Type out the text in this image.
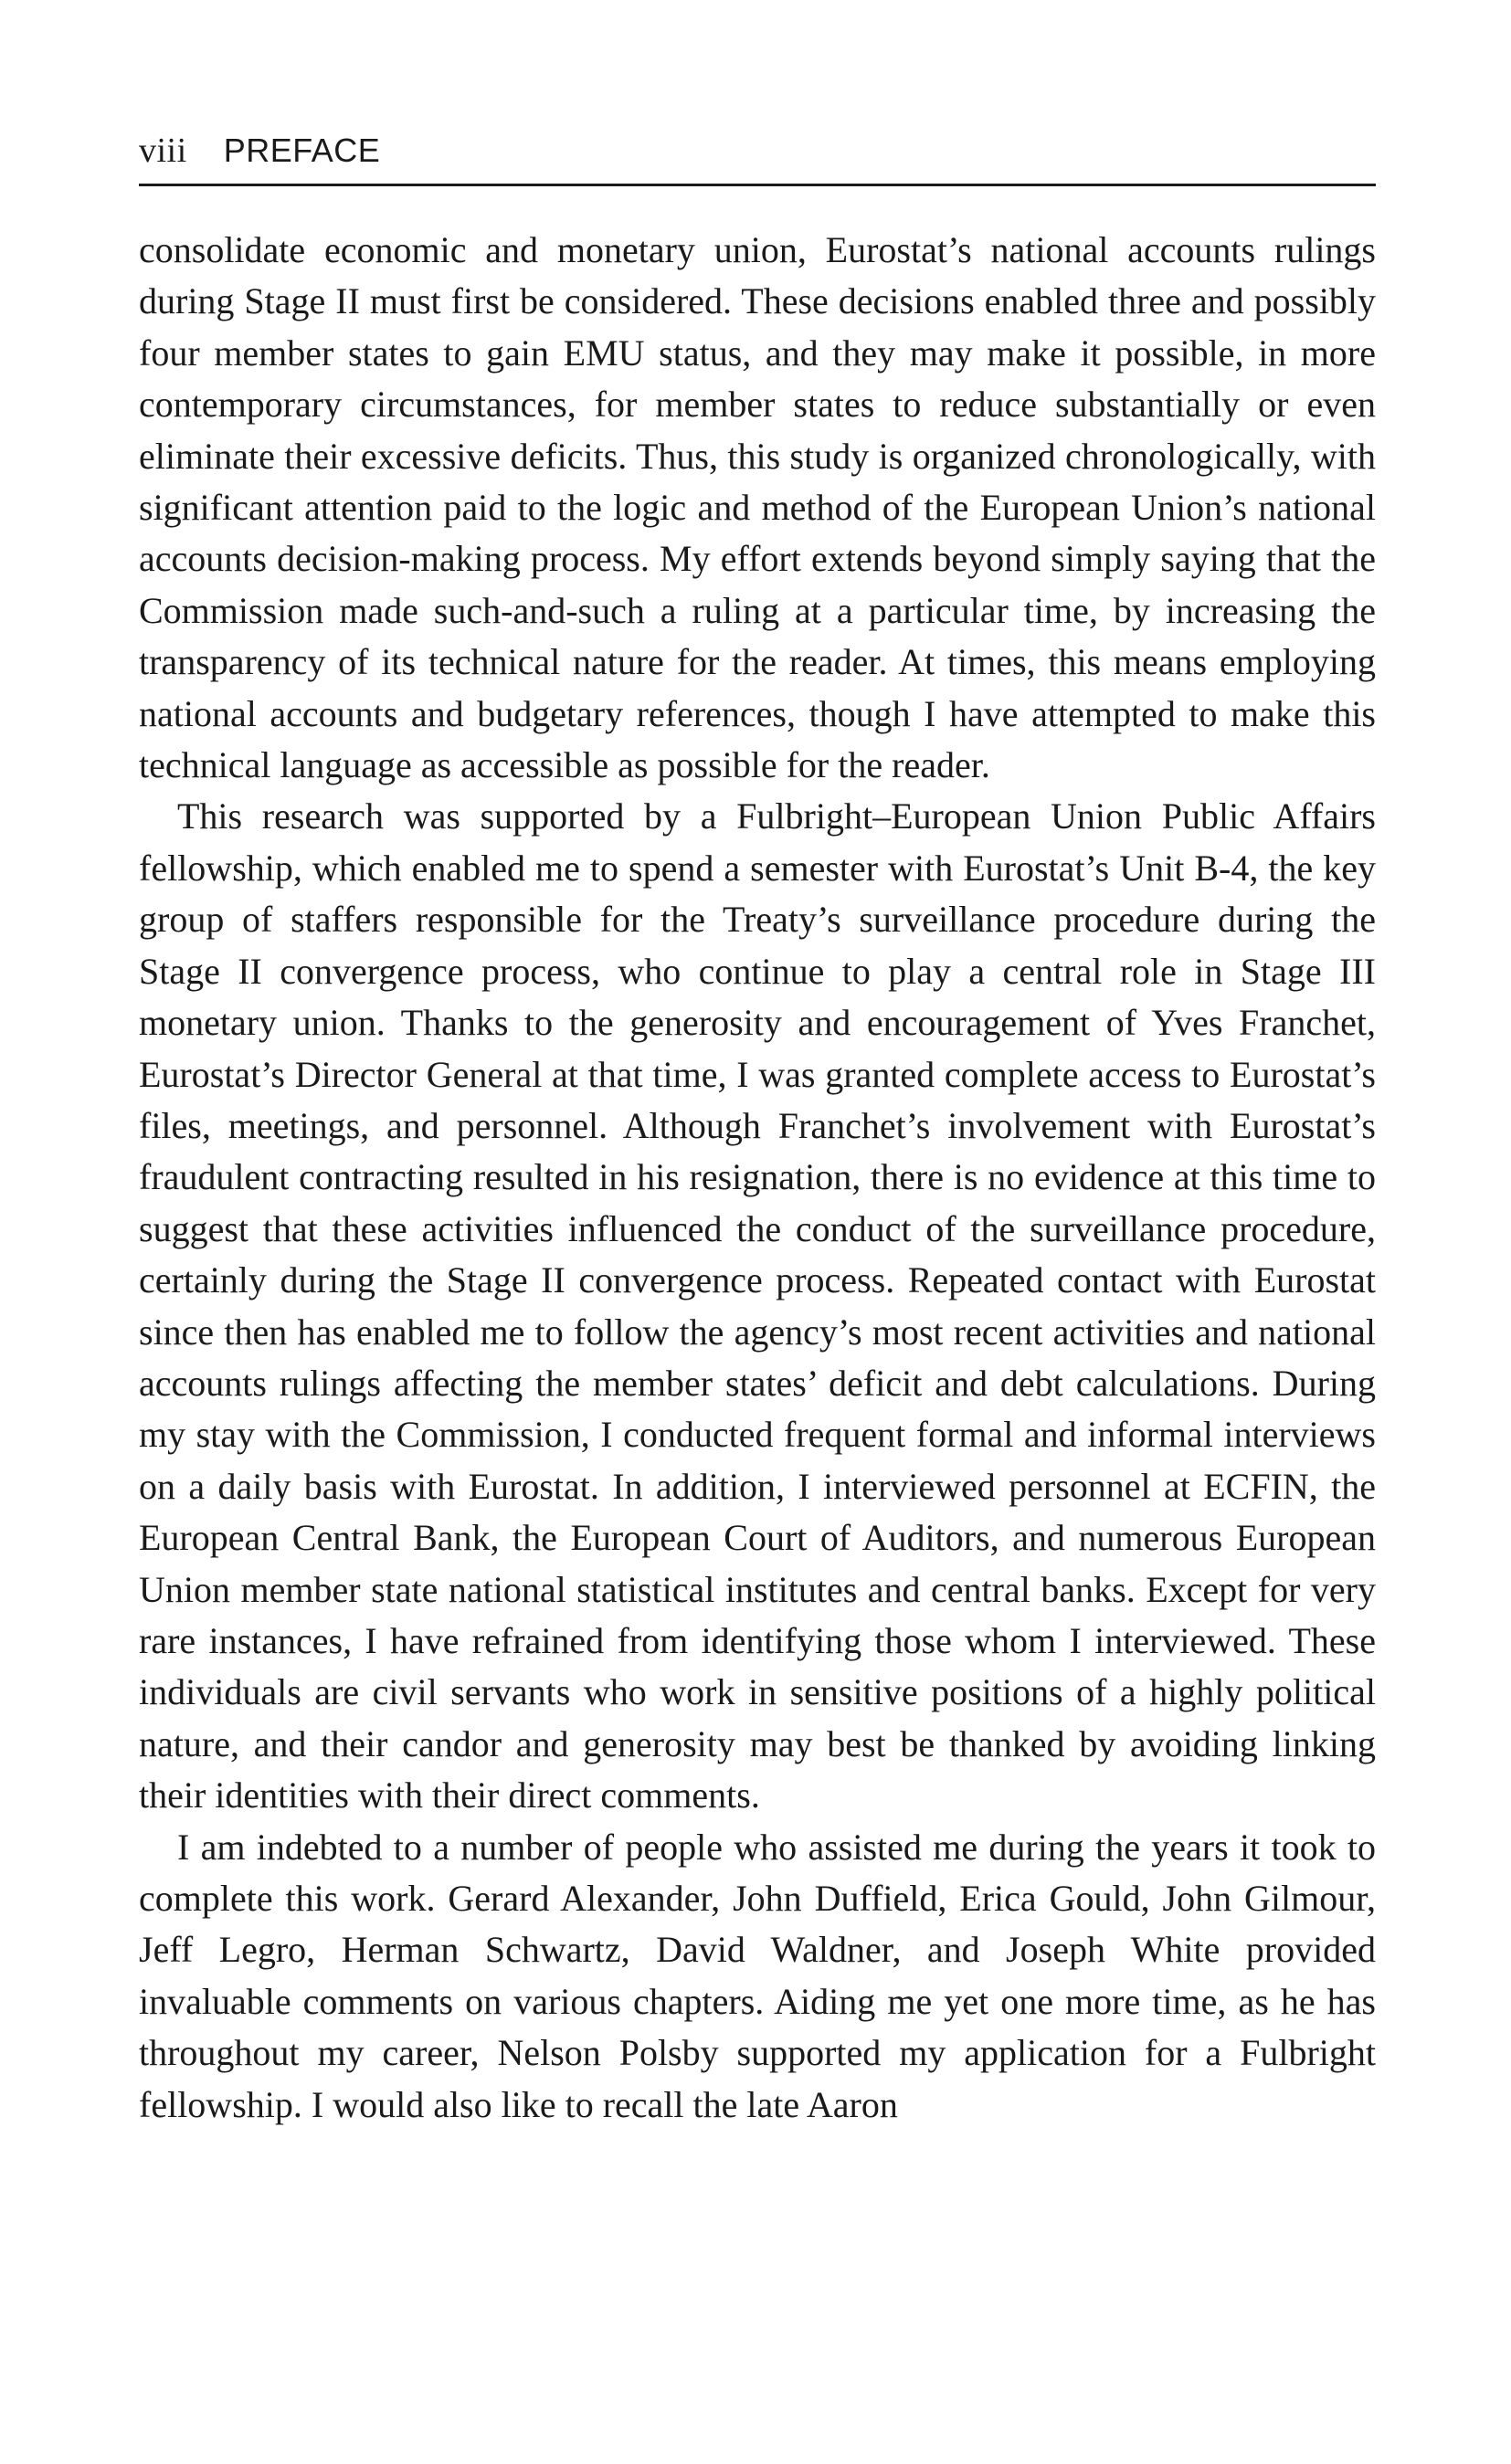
viii PREFACE

consolidate economic and monetary union, Eurostat’s national accounts rulings during Stage II must first be considered. These decisions enabled three and possibly four member states to gain EMU status, and they may make it possible, in more contemporary circumstances, for member states to reduce substantially or even eliminate their excessive deficits. Thus, this study is organized chronologically, with significant attention paid to the logic and method of the European Union’s national accounts decision-making process. My effort extends beyond simply saying that the Commission made such-and-such a ruling at a particular time, by increasing the transparency of its technical nature for the reader. At times, this means employing national accounts and budgetary references, though I have attempted to make this technical language as accessible as possible for the reader.

This research was supported by a Fulbright–European Union Public Affairs fellowship, which enabled me to spend a semester with Eurostat’s Unit B-4, the key group of staffers responsible for the Treaty’s surveillance procedure during the Stage II convergence process, who continue to play a central role in Stage III monetary union. Thanks to the generosity and encouragement of Yves Franchet, Eurostat’s Director General at that time, I was granted complete access to Eurostat’s files, meetings, and personnel. Although Franchet’s involvement with Eurostat’s fraudulent contracting resulted in his resignation, there is no evidence at this time to suggest that these activities influenced the conduct of the surveillance procedure, certainly during the Stage II convergence process. Repeated contact with Eurostat since then has enabled me to follow the agency’s most recent activities and national accounts rulings affecting the member states’ deficit and debt calculations. During my stay with the Commission, I conducted frequent formal and informal interviews on a daily basis with Eurostat. In addition, I interviewed personnel at ECFIN, the European Central Bank, the European Court of Auditors, and numerous European Union member state national statistical institutes and central banks. Except for very rare instances, I have refrained from identifying those whom I interviewed. These individuals are civil servants who work in sensitive positions of a highly political nature, and their candor and generosity may best be thanked by avoiding linking their identities with their direct comments.

I am indebted to a number of people who assisted me during the years it took to complete this work. Gerard Alexander, John Duffield, Erica Gould, John Gilmour, Jeff Legro, Herman Schwartz, David Waldner, and Joseph White provided invaluable comments on various chapters. Aiding me yet one more time, as he has throughout my career, Nelson Polsby supported my application for a Fulbright fellowship. I would also like to recall the late Aaron
